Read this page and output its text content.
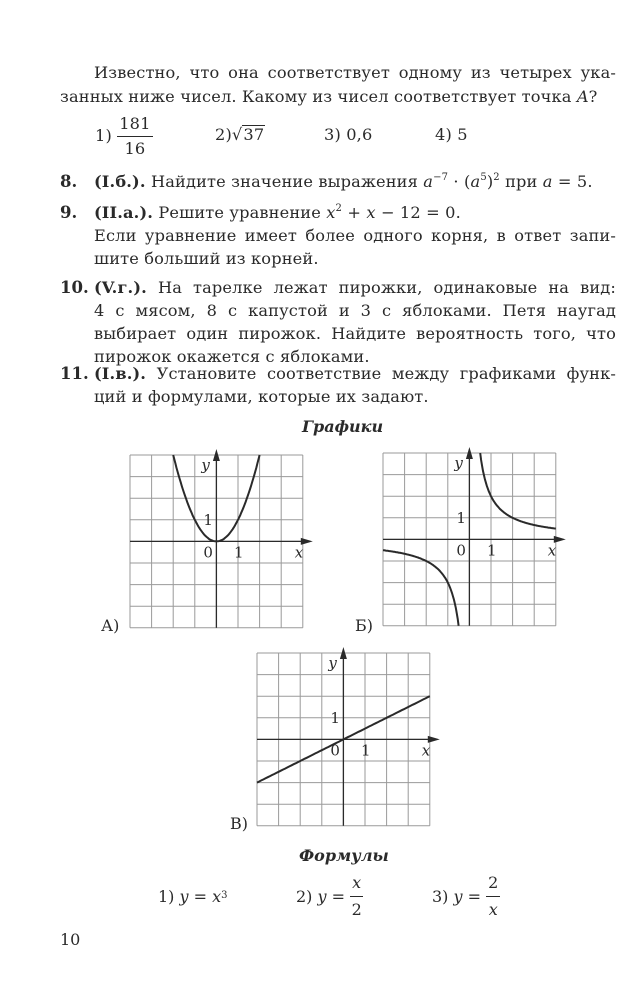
Известно, что она соответствует одному из четырех ука-
занных ниже чисел. Какому из чисел соответствует точка A?
1)
$\frac{181}{16}$	2)√37	3) 0,6	4) 5
8. (I.б.). Найдите значение выражения $a^{-7} \cdot (a^5)^2$ при a = 5.
9. (II.а.). Решите уравнение $x^2 + x - 12 = 0$.
Если уравнение имеет более одного корня, в ответ запи-
шите больший из корней.
10. (V.г.). На тарелке лежат пирожки, одинаковые на вид:
4 с мясом, 8 с капустой и 3 с яблоками. Петя наугад
выбирает один пирожок. Найдите вероятность того, что
пирожок окажется с яблоками.
11. (I.в.). Установите соответствие между графиками функ-
ций и формулами, которые их задают.
Графики
А)
y
x
0 1
1
Б)
y
x
0 1
1
В)
y
x
0 1
1
Формулы
1)
y = x 3	2)
$y = \frac{x}{2}$	3)
$y = \frac{2}{x}$
10
